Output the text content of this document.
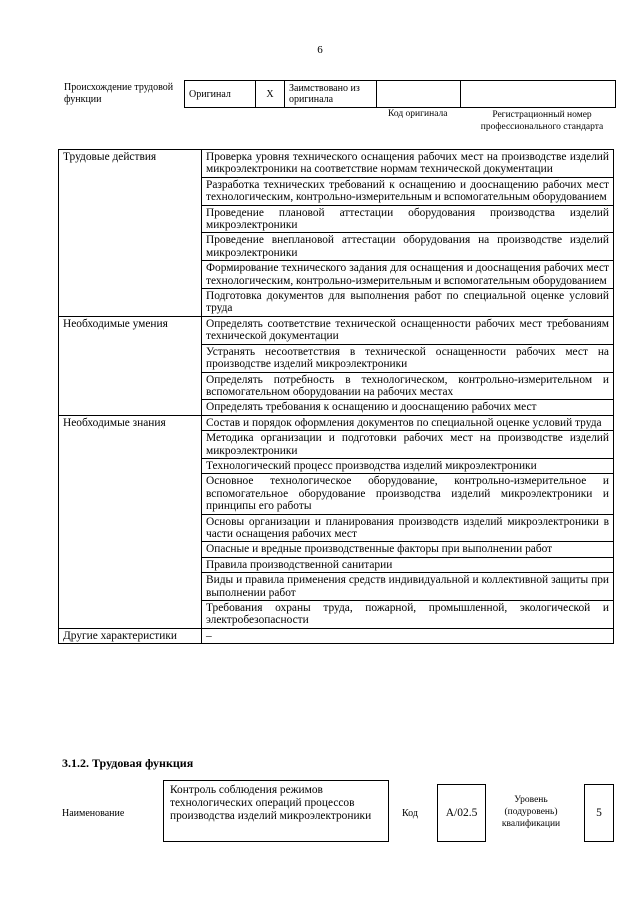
6
Происхождение трудовой функции	Оригинал	X	Заимствовано из оригинала		
Код оригинала	Регистрационный номер профессионального стандарта
Трудовые действия	Проверка уровня технического оснащения рабочих мест на производстве изделий микроэлектроники на соответствие нормам технической документации
	Разработка технических требований к оснащению и дооснащению рабочих мест технологическим, контрольно-измерительным и вспомогательным оборудованием
	Проведение плановой аттестации оборудования производства изделий микроэлектроники
	Проведение внеплановой аттестации оборудования на производстве изделий микроэлектроники
	Формирование технического задания для оснащения и дооснащения рабочих мест технологическим, контрольно-измерительным и вспомогательным оборудованием
	Подготовка документов для выполнения работ по специальной оценке условий труда
Необходимые умения	Определять соответствие технической оснащенности рабочих мест требованиям технической документации
	Устранять несоответствия в технической оснащенности рабочих мест на производстве изделий микроэлектроники
	Определять потребность в технологическом, контрольно-измерительном и вспомогательном оборудовании на рабочих местах
	Определять требования к оснащению и дооснащению рабочих мест
Необходимые знания	Состав и порядок оформления документов по специальной оценке условий труда
	Методика организации и подготовки рабочих мест на производстве изделий микроэлектроники
	Технологический процесс производства изделий микроэлектроники
	Основное технологическое оборудование, контрольно-измерительное и вспомогательное оборудование производства изделий микроэлектроники и принципы его работы
	Основы организации и планирования производств изделий микроэлектроники в части оснащения рабочих мест
	Опасные и вредные производственные факторы при выполнении работ
	Правила производственной санитарии
	Виды и правила применения средств индивидуальной и коллективной защиты при выполнении работ
	Требования охраны труда, пожарной, промышленной, экологической и электробезопасности
Другие характеристики	–
3.1.2. Трудовая функция
Наименование
Контроль соблюдения режимов технологических операций процессов производства изделий микроэлектроники	Код	A/02.5
Уровень (подуровень) квалификации
5
